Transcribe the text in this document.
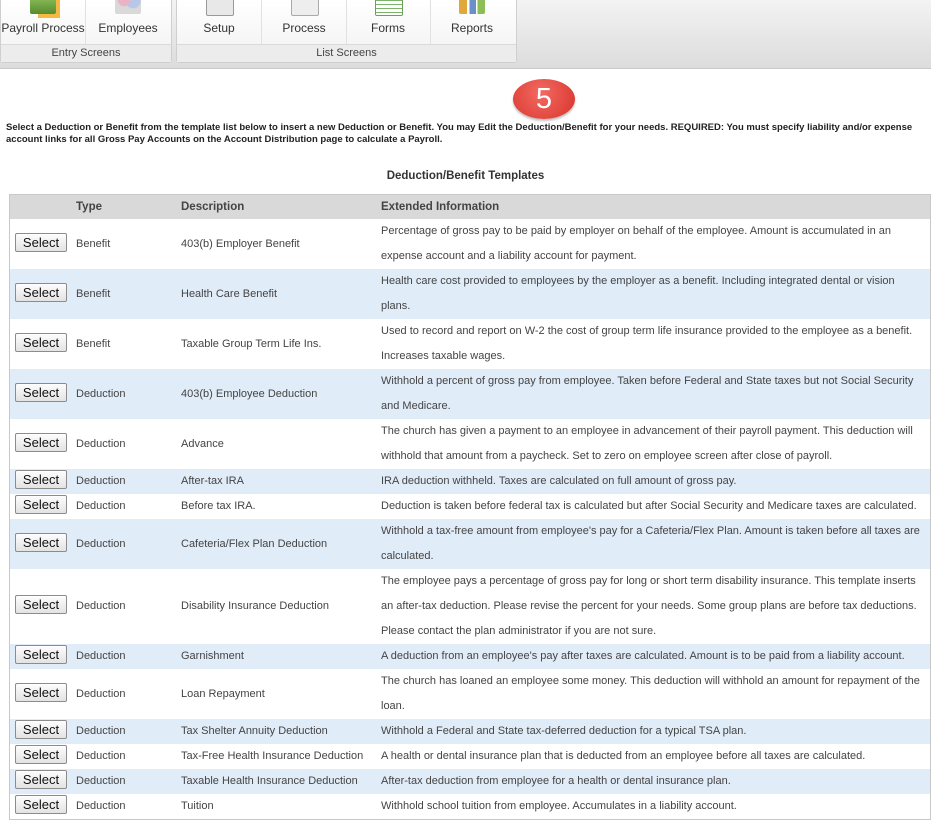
Payroll Process	Employees
Entry Screens
Setup	Process	Forms	Reports
List Screens
5
Select a Deduction or Benefit from the template list below to insert a new Deduction or Benefit. You may Edit the Deduction/Benefit for your needs. REQUIRED: You must specify liability and/or expense account links for all Gross Pay Accounts on the Account Distribution page to calculate a Payroll.
Deduction/Benefit Templates
	Type	Description	Extended Information
Select	Benefit	403(b) Employer Benefit	Percentage of gross pay to be paid by employer on behalf of the employee. Amount is accumulated in an expense account and a liability account for payment.
Select	Benefit	Health Care Benefit	Health care cost provided to employees by the employer as a benefit. Including integrated dental or vision plans.
Select	Benefit	Taxable Group Term Life Ins.	Used to record and report on W-2 the cost of group term life insurance provided to the employee as a benefit. Increases taxable wages.
Select	Deduction	403(b) Employee Deduction	Withhold a percent of gross pay from employee. Taken before Federal and State taxes but not Social Security and Medicare.
Select	Deduction	Advance	The church has given a payment to an employee in advancement of their payroll payment. This deduction will withhold that amount from a paycheck. Set to zero on employee screen after close of payroll.
Select	Deduction	After-tax IRA	IRA deduction withheld. Taxes are calculated on full amount of gross pay.
Select	Deduction	Before tax IRA.	Deduction is taken before federal tax is calculated but after Social Security and Medicare taxes are calculated.
Select	Deduction	Cafeteria/Flex Plan Deduction	Withhold a tax-free amount from employee's pay for a Cafeteria/Flex Plan. Amount is taken before all taxes are calculated.
Select	Deduction	Disability Insurance Deduction	The employee pays a percentage of gross pay for long or short term disability insurance. This template inserts an after-tax deduction. Please revise the percent for your needs. Some group plans are before tax deductions. Please contact the plan administrator if you are not sure.
Select	Deduction	Garnishment	A deduction from an employee's pay after taxes are calculated. Amount is to be paid from a liability account.
Select	Deduction	Loan Repayment	The church has loaned an employee some money. This deduction will withhold an amount for repayment of the loan.
Select	Deduction	Tax Shelter Annuity Deduction	Withhold a Federal and State tax-deferred deduction for a typical TSA plan.
Select	Deduction	Tax-Free Health Insurance Deduction	A health or dental insurance plan that is deducted from an employee before all taxes are calculated.
Select	Deduction	Taxable Health Insurance Deduction	After-tax deduction from employee for a health or dental insurance plan.
Select	Deduction	Tuition	Withhold school tuition from employee. Accumulates in a liability account.
